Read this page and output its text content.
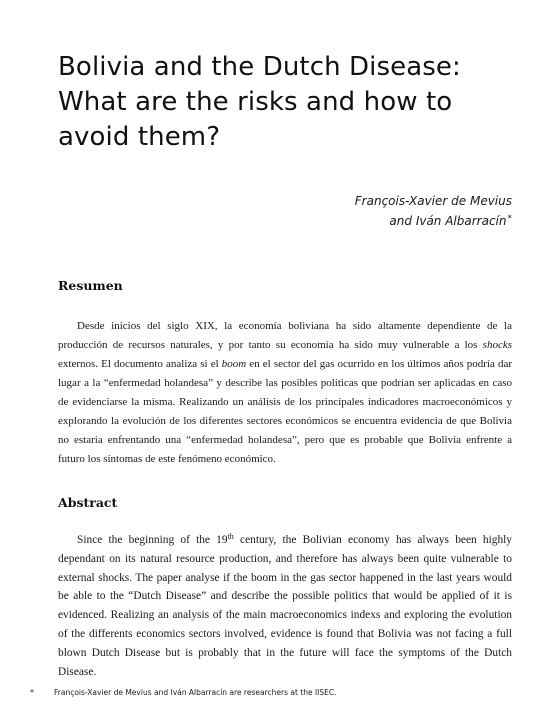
Bolivia and the Dutch Disease: What are the risks and how to avoid them?
François-Xavier de Mevius
and Iván Albarracín*
Resumen

Desde inicios del siglo XIX, la economía boliviana ha sido altamente dependiente de la producción de recursos naturales, y por tanto su economía ha sido muy vulnerable a los shocks externos. El documento analiza si el boom en el sector del gas ocurrido en los últimos años podría dar lugar a la “enfermedad holandesa” y describe las posibles políticas que podrían ser aplicadas en caso de evidenciarse la misma. Realizando un análisis de los principales indicadores macroeconómicos y explorando la evolución de los diferentes sectores económicos se encuentra evidencia de que Bolivia no estaría enfrentando una “enfermedad holandesa”, pero que es probable que Bolivia enfrente a futuro los síntomas de este fenómeno económico.

Abstract

Since the beginning of the 19th century, the Bolivian economy has always been highly dependant on its natural resource production, and therefore has always been quite vulnerable to external shocks. The paper analyse if the boom in the gas sector happened in the last years would be able to the “Dutch Disease” and describe the possible politics that would be applied of it is evidenced. Realizing an analysis of the main macroeconomics indexs and exploring the evolution of the differents economics sectors involved, evidence is found that Bolivia was not facing a full blown Dutch Disease but is probably that in the future will face the symptoms of the Dutch Disease.

*	François-Xavier de Mevius and Iván Albarracín are researchers at the IISEC.
